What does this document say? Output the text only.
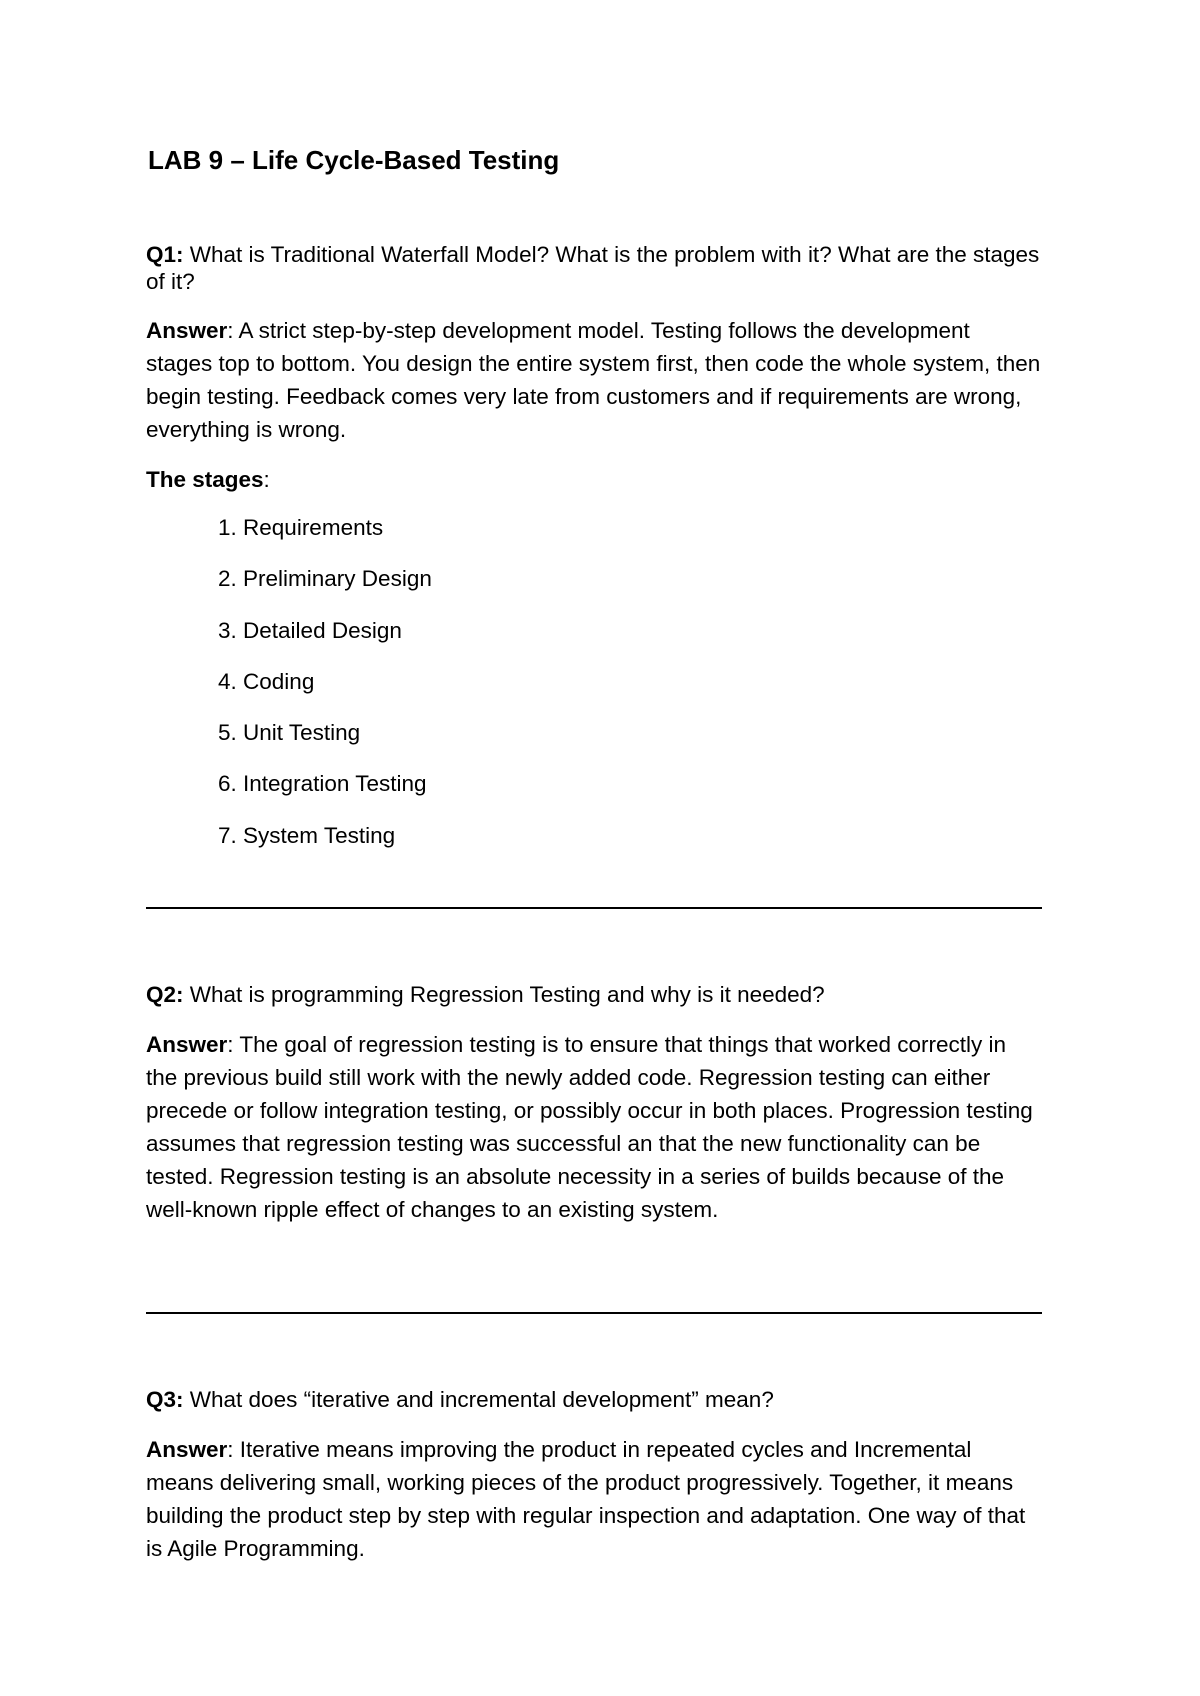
LAB 9 – Life Cycle-Based Testing
Q1: What is Traditional Waterfall Model? What is the problem with it? What are the stages of it?
Answer: A strict step-by-step development model. Testing follows the development stages top to bottom. You design the entire system first, then code the whole system, then begin testing. Feedback comes very late from customers and if requirements are wrong, everything is wrong.
The stages:
1. Requirements
2. Preliminary Design
3. Detailed Design
4. Coding
5. Unit Testing
6. Integration Testing
7. System Testing
Q2: What is programming Regression Testing and why is it needed?
Answer: The goal of regression testing is to ensure that things that worked correctly in the previous build still work with the newly added code. Regression testing can either precede or follow integration testing, or possibly occur in both places. Progression testing assumes that regression testing was successful an that the new functionality can be tested. Regression testing is an absolute necessity in a series of builds because of the well-known ripple effect of changes to an existing system.
Q3: What does “iterative and incremental development” mean?
Answer: Iterative means improving the product in repeated cycles and Incremental means delivering small, working pieces of the product progressively. Together, it means building the product step by step with regular inspection and adaptation. One way of that is Agile Programming.
